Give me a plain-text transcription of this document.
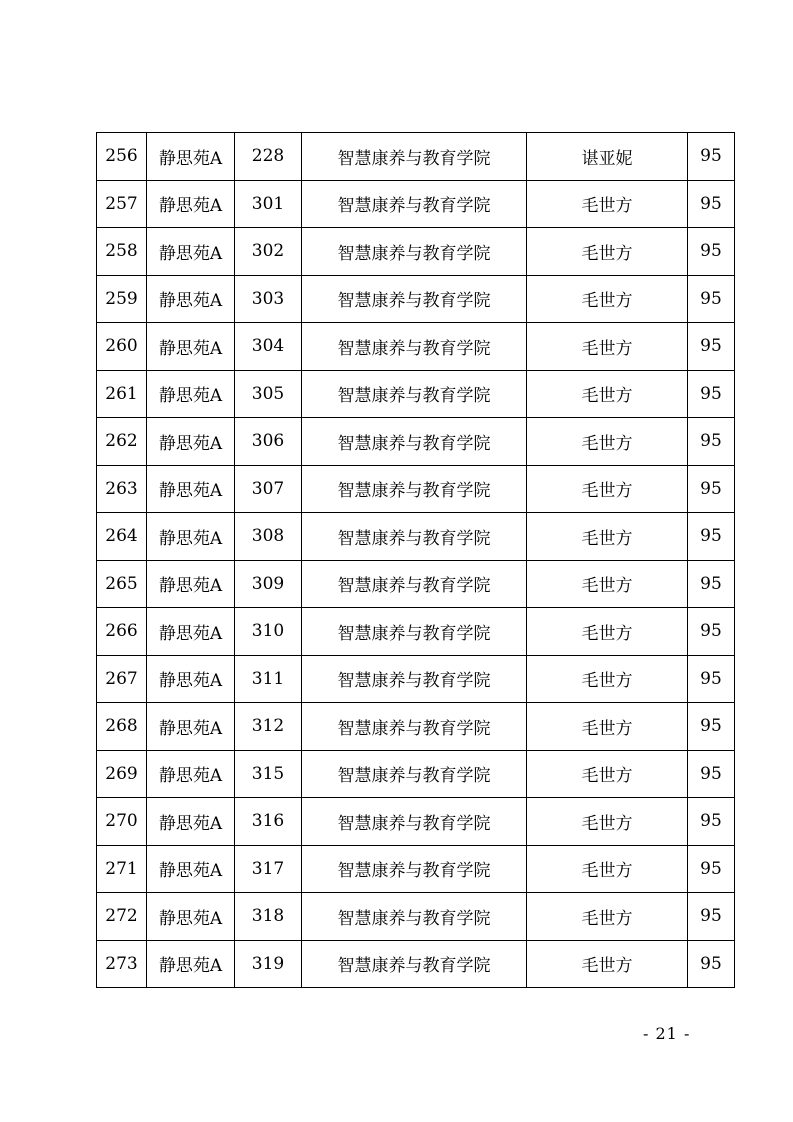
256	静思苑A	228	智慧康养与教育学院	谌亚妮	95
257	静思苑A	301	智慧康养与教育学院	毛世方	95
258	静思苑A	302	智慧康养与教育学院	毛世方	95
259	静思苑A	303	智慧康养与教育学院	毛世方	95
260	静思苑A	304	智慧康养与教育学院	毛世方	95
261	静思苑A	305	智慧康养与教育学院	毛世方	95
262	静思苑A	306	智慧康养与教育学院	毛世方	95
263	静思苑A	307	智慧康养与教育学院	毛世方	95
264	静思苑A	308	智慧康养与教育学院	毛世方	95
265	静思苑A	309	智慧康养与教育学院	毛世方	95
266	静思苑A	310	智慧康养与教育学院	毛世方	95
267	静思苑A	311	智慧康养与教育学院	毛世方	95
268	静思苑A	312	智慧康养与教育学院	毛世方	95
269	静思苑A	315	智慧康养与教育学院	毛世方	95
270	静思苑A	316	智慧康养与教育学院	毛世方	95
271	静思苑A	317	智慧康养与教育学院	毛世方	95
272	静思苑A	318	智慧康养与教育学院	毛世方	95
273	静思苑A	319	智慧康养与教育学院	毛世方	95
- 21 -
